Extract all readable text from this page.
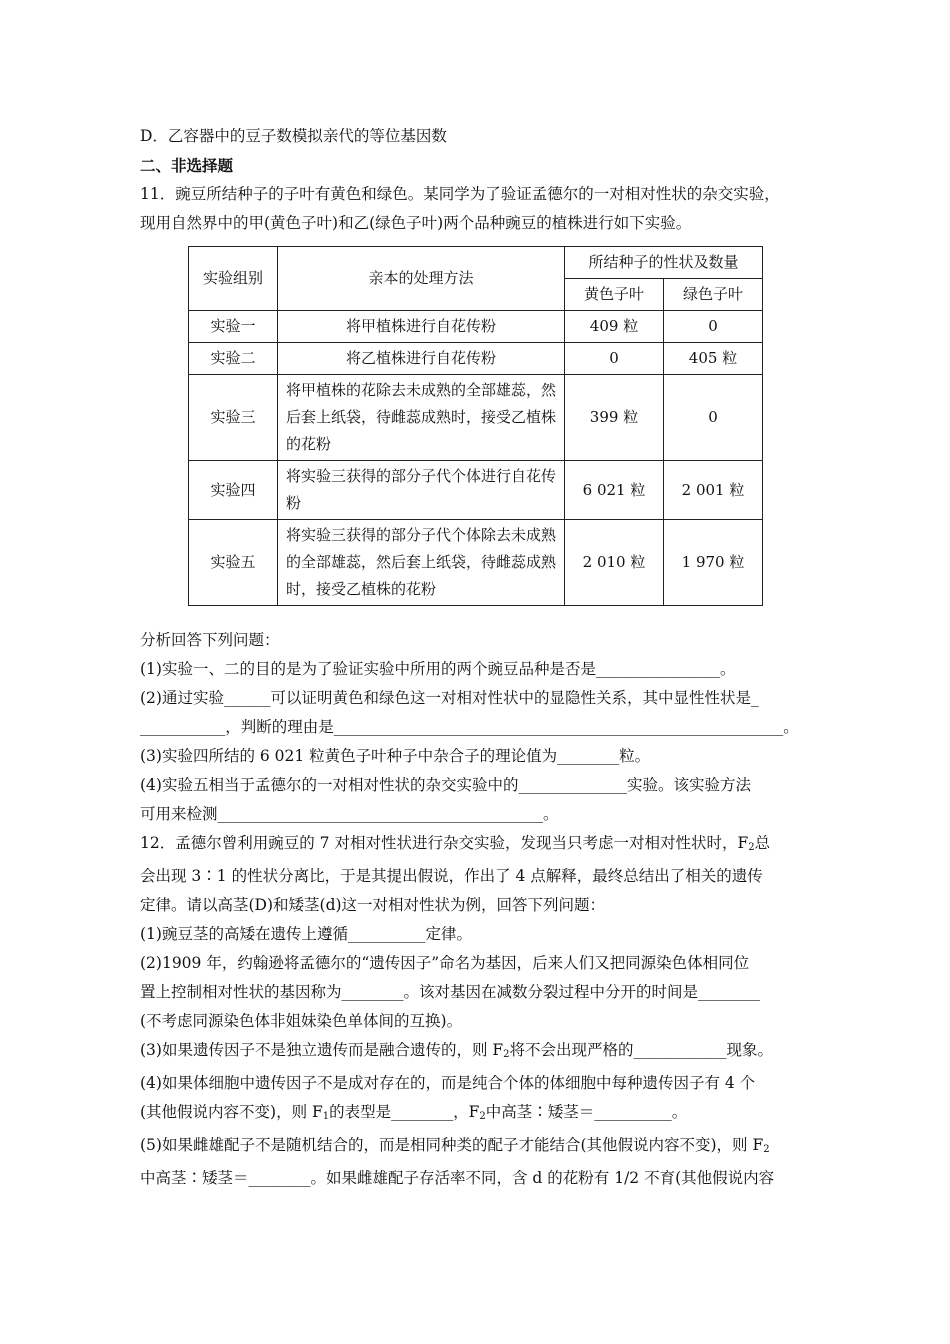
D．乙容器中的豆子数模拟亲代的等位基因数
二、非选择题
11．豌豆所结种子的子叶有黄色和绿色。某同学为了验证孟德尔的一对相对性状的杂交实验，
现用自然界中的甲(黄色子叶)和乙(绿色子叶)两个品种豌豆的植株进行如下实验。
实验组别	亲本的处理方法	所结种子的性状及数量	
		黄色子叶	绿色子叶
实验一	将甲植株进行自花传粉	409 粒	0
实验二	将乙植株进行自花传粉	0	405 粒
实验三	将甲植株的花除去未成熟的全部雄蕊，然后套上纸袋，待雌蕊成熟时，接受乙植株的花粉	399 粒	0
实验四	将实验三获得的部分子代个体进行自花传粉	6 021 粒	2 001 粒
实验五	将实验三获得的部分子代个体除去未成熟的全部雄蕊，然后套上纸袋，待雌蕊成熟时，接受乙植株的花粉	2 010 粒	1 970 粒
分析回答下列问题：
(1)实验一、二的目的是为了验证实验中所用的两个豌豆品种是否是________________。
(2)通过实验______可以证明黄色和绿色这一对相对性状中的显隐性关系，其中显性性状是_
___________，判断的理由是__________________________________________________________。
(3)实验四所结的 6 021 粒黄色子叶种子中杂合子的理论值为________粒。
(4)实验五相当于孟德尔的一对相对性状的杂交实验中的______________实验。该实验方法
可用来检测__________________________________________。
12．孟德尔曾利用豌豆的 7 对相对性状进行杂交实验，发现当只考虑一对相对性状时，$F_2$总
会出现 3∶1 的性状分离比，于是其提出假说，作出了 4 点解释，最终总结出了相关的遗传
定律。请以高茎(D)和矮茎(d)这一对相对性状为例，回答下列问题：
(1)豌豆茎的高矮在遗传上遵循__________定律。
(2)1909 年，约翰逊将孟德尔的“遗传因子”命名为基因，后来人们又把同源染色体相同位
置上控制相对性状的基因称为________。该对基因在减数分裂过程中分开的时间是________
(不考虑同源染色体非姐妹染色单体间的互换)。
(3)如果遗传因子不是独立遗传而是融合遗传的，则 $F_2$将不会出现严格的____________现象。
(4)如果体细胞中遗传因子不是成对存在的，而是纯合个体的体细胞中每种遗传因子有 4 个
(其他假说内容不变)，则 $F_1$的表型是________，$F_2$中高茎∶矮茎＝__________。
(5)如果雌雄配子不是随机结合的，而是相同种类的配子才能结合(其他假说内容不变)，则 $F_2$
中高茎∶矮茎＝________。如果雌雄配子存活率不同，含 d 的花粉有 1/2 不育(其他假说内容
